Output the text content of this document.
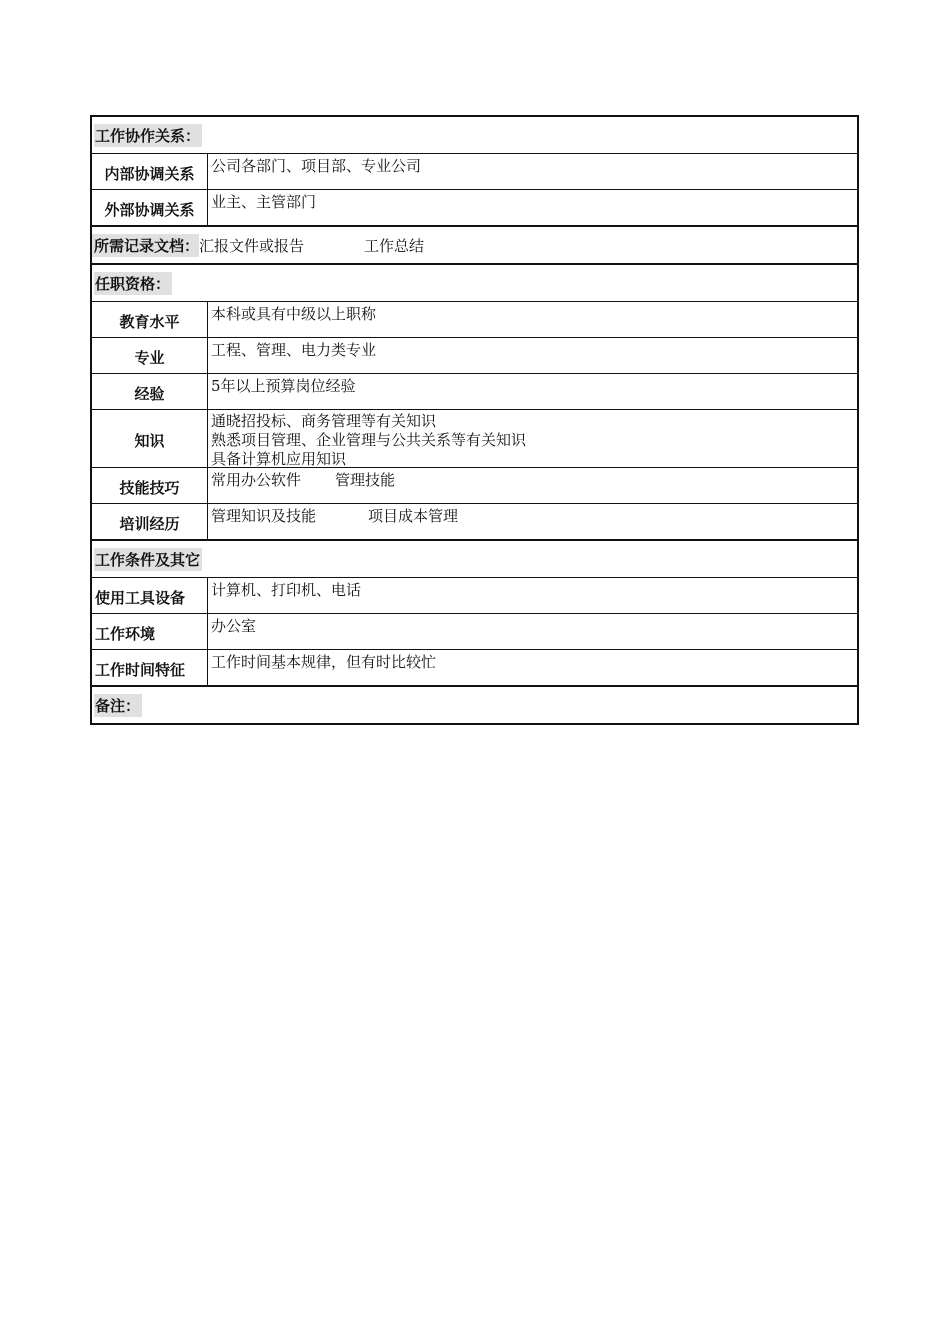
工作协作关系：
内部协调关系	公司各部门、项目部、专业公司
外部协调关系	业主、主管部门
所需记录文档： 汇报文件或报告	工作总结
任职资格：
教育水平	本科或具有中级以上职称
专业	工程、管理、电力类专业
经验	5年以上预算岗位经验
知识
通晓招投标、商务管理等有关知识
熟悉项目管理、企业管理与公共关系等有关知识
具备计算机应用知识
技能技巧	常用办公软件 管理技能
培训经历	管理知识及技能	项目成本管理
工作条件及其它
使用工具设备	计算机、打印机、电话
工作环境	办公室
工作时间特征	工作时间基本规律，但有时比较忙
备注：
